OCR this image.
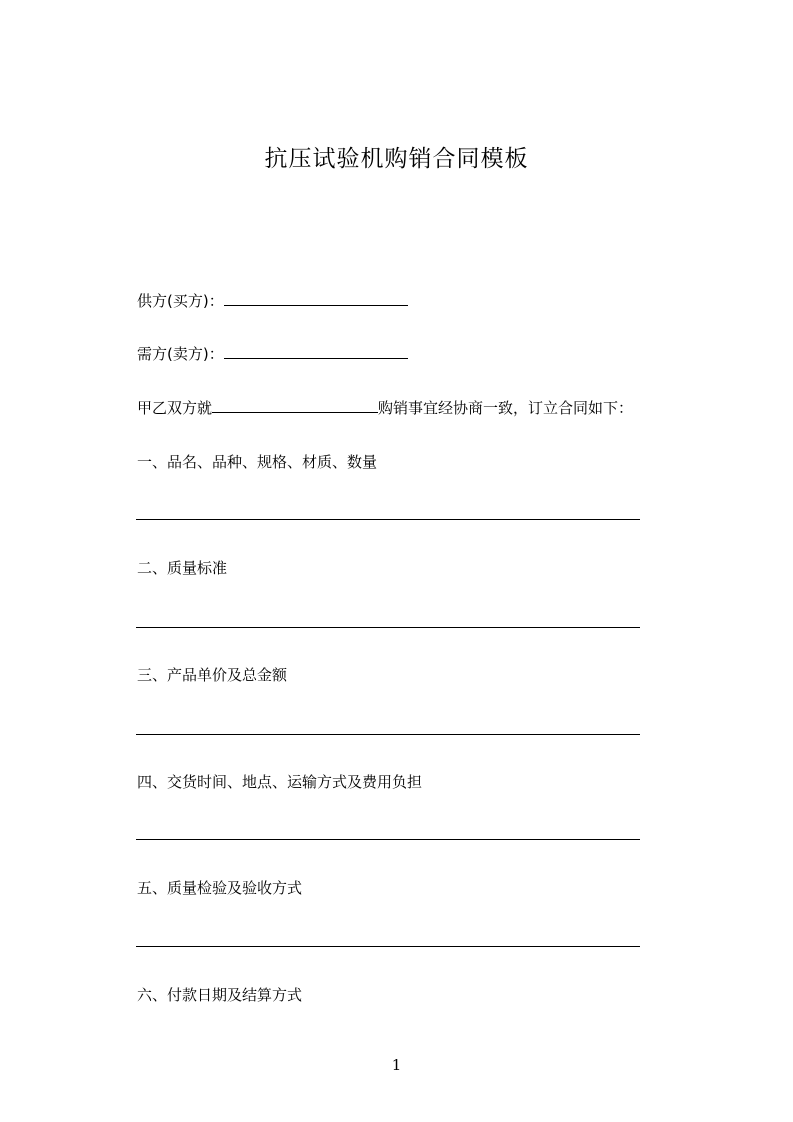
抗压试验机购销合同模板
供方(买方)：
需方(卖方)：
甲乙双方就	购销事宜经协商一致，订立合同如下：
一、品名、品种、规格、材质、数量
二、质量标准
三、产品单价及总金额
四、交货时间、地点、运输方式及费用负担
五、质量检验及验收方式
六、付款日期及结算方式
1
